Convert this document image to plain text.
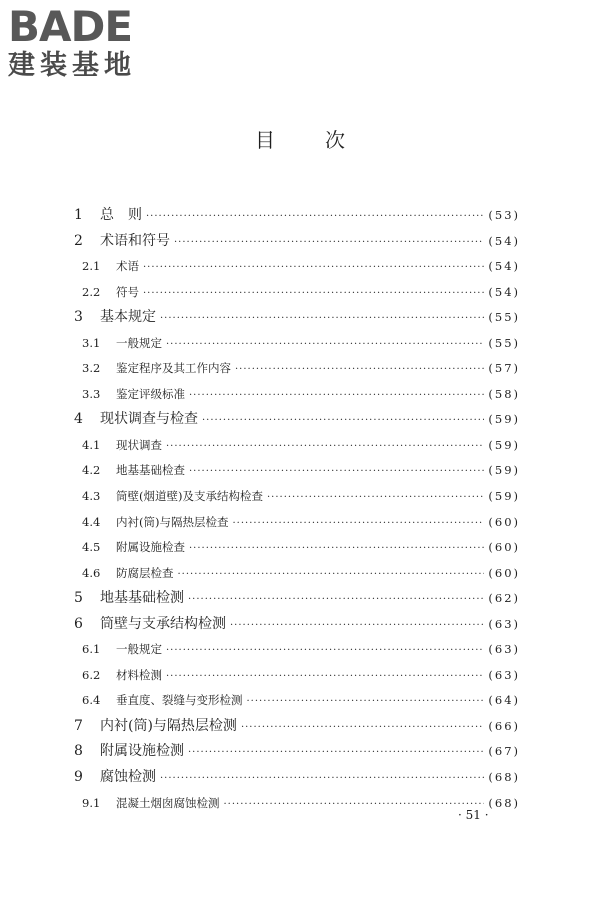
BADE
建装基地
目次
1	总　则 ·····	(53)
2	术语和符号 ·····	(54)
2.1	术语 ·····	(54)
2.2	符号 ·····	(54)
3	基本规定 ·····	(55)
3.1	一般规定 ·····	(55)
3.2	鉴定程序及其工作内容 ·····	(57)
3.3	鉴定评级标准 ·····	(58)
4	现状调查与检查 ·····	(59)
4.1	现状调查 ·····	(59)
4.2	地基基础检查 ·····	(59)
4.3	筒壁(烟道壁)及支承结构检查 ·····	(59)
4.4	内衬(筒)与隔热层检查 ·····	(60)
4.5	附属设施检查 ·····	(60)
4.6	防腐层检查 ·····	(60)
5	地基基础检测 ·····	(62)
6	筒壁与支承结构检测 ·····	(63)
6.1	一般规定 ·····	(63)
6.2	材料检测 ·····	(63)
6.4	垂直度、裂缝与变形检测 ·····	(64)
7	内衬(筒)与隔热层检测 ·····	(66)
8	附属设施检测 ·····	(67)
9	腐蚀检测 ·····	(68)
9.1	混凝土烟囱腐蚀检测 ·····	(68)
· 51 ·
